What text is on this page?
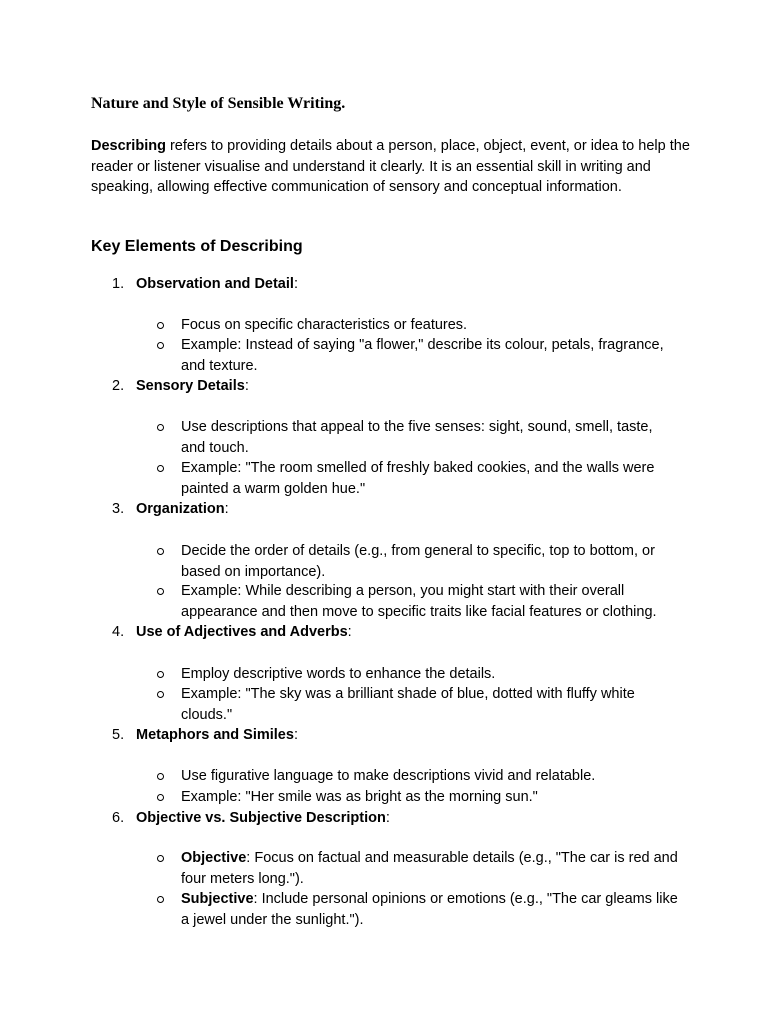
Nature and Style of Sensible Writing.

Describing refers to providing details about a person, place, object, event, or idea to help the reader or listener visualise and understand it clearly. It is an essential skill in writing and speaking, allowing effective communication of sensory and conceptual information.

Key Elements of Describing
1. Observation and Detail:
Focus on specific characteristics or features.
Example: Instead of saying "a flower," describe its colour, petals, fragrance, and texture.
2. Sensory Details:
Use descriptions that appeal to the five senses: sight, sound, smell, taste, and touch.
Example: "The room smelled of freshly baked cookies, and the walls were painted a warm golden hue."
3. Organization:
Decide the order of details (e.g., from general to specific, top to bottom, or based on importance).
Example: While describing a person, you might start with their overall appearance and then move to specific traits like facial features or clothing.
4. Use of Adjectives and Adverbs:
Employ descriptive words to enhance the details.
Example: "The sky was a brilliant shade of blue, dotted with fluffy white clouds."
5. Metaphors and Similes:
Use figurative language to make descriptions vivid and relatable.
Example: "Her smile was as bright as the morning sun."
6. Objective vs. Subjective Description:
Objective: Focus on factual and measurable details (e.g., "The car is red and four meters long.").
Subjective: Include personal opinions or emotions (e.g., "The car gleams like a jewel under the sunlight.").
